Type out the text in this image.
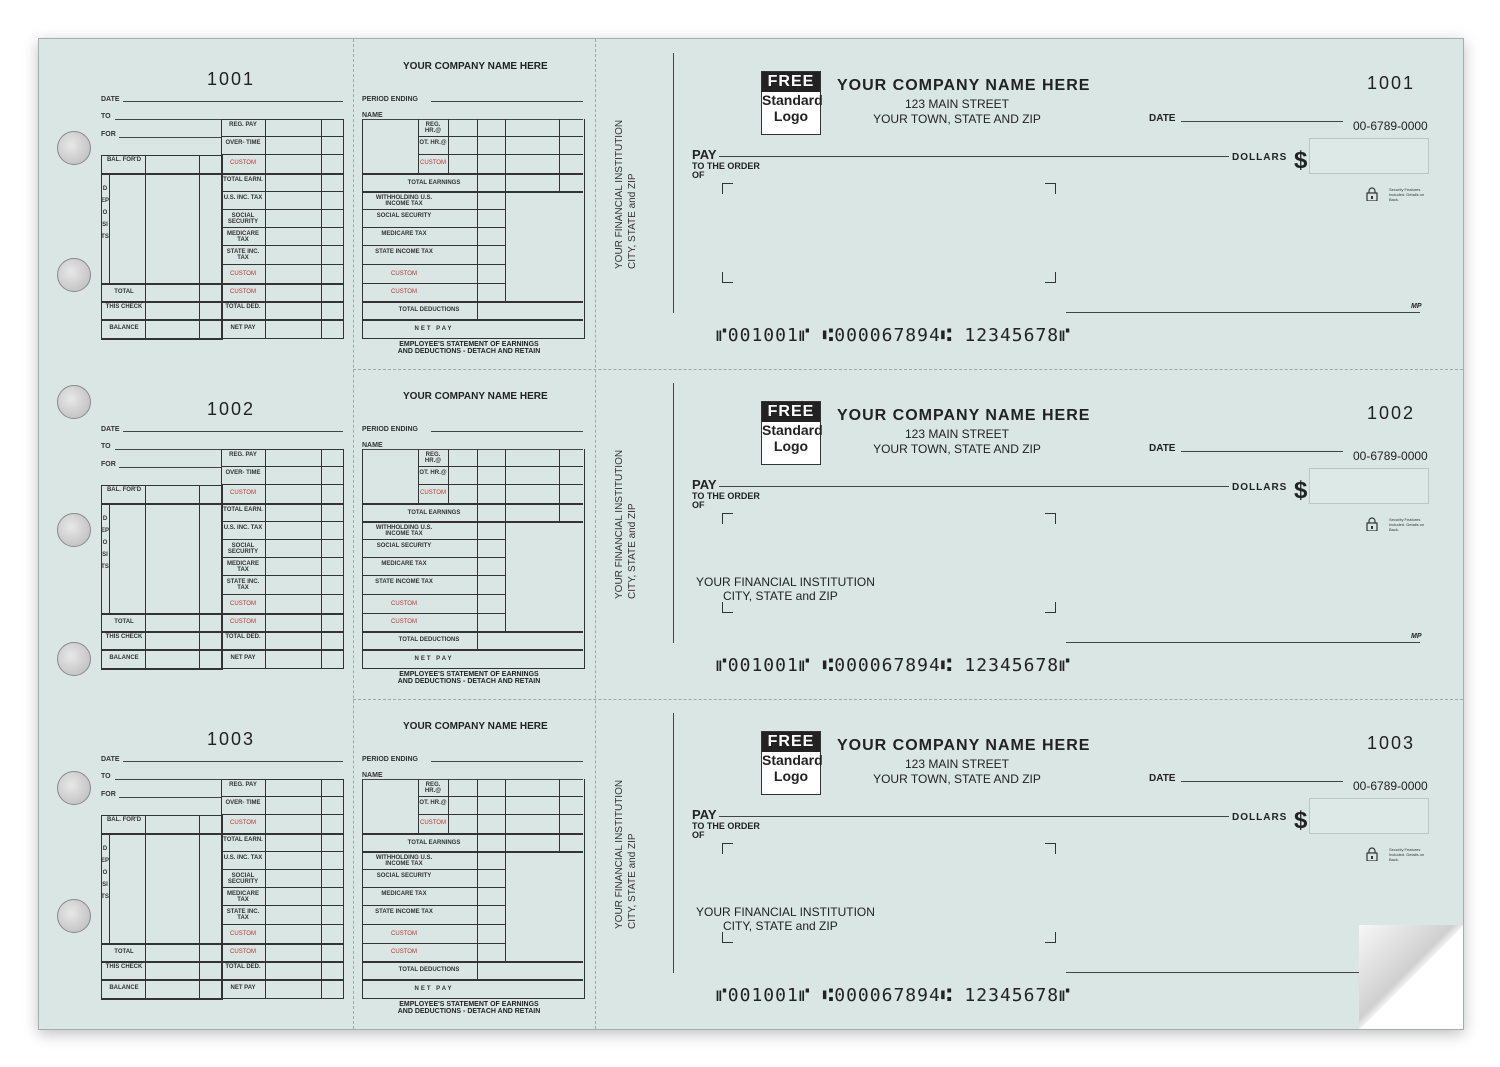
1001
DATE
TO
FOR
BAL. FOR'D
DEPOSITS
TOTAL
THIS CHECK
BALANCE
REG. PAY
OVER- TIME
CUSTOM
TOTAL EARN.
U.S. INC. TAX
SOCIAL SECURITY
MEDICARE TAX
STATE INC. TAX
CUSTOM
CUSTOM
TOTAL DED.
NET PAY
YOUR COMPANY NAME HERE
PERIOD ENDING
NAME
REG. HR.@
OT. HR.@
CUSTOM
TOTAL EARNINGS
WITHHOLDING U.S. INCOME TAX
SOCIAL SECURITY
MEDICARE TAX
STATE INCOME TAX
CUSTOM
CUSTOM
TOTAL DEDUCTIONS
NET PAY
EMPLOYEE'S STATEMENT OF EARNINGS
AND DEDUCTIONS - DETACH AND RETAIN
YOUR FINANCIAL INSTITUTION CITY, STATE and ZIP
FREE
Standard
Logo
YOUR COMPANY NAME HERE
123 MAIN STREET
YOUR TOWN, STATE AND ZIP
1001
DATE
00-6789-0000
PAY
TO THE ORDER
OF
DOLLARS $
Security Features Included. Details on Back.
MP
⑈001001⑈ ⑆000067894⑆ 12345678⑈
1002
DATE
TO
FOR
BAL. FOR'D
DEPOSITS
TOTAL
THIS CHECK
BALANCE
REG. PAY
OVER- TIME
CUSTOM
TOTAL EARN.
U.S. INC. TAX
SOCIAL SECURITY
MEDICARE TAX
STATE INC. TAX
CUSTOM
CUSTOM
TOTAL DED.
NET PAY
YOUR COMPANY NAME HERE
PERIOD ENDING
NAME
REG. HR.@
OT. HR.@
CUSTOM
TOTAL EARNINGS
WITHHOLDING U.S. INCOME TAX
SOCIAL SECURITY
MEDICARE TAX
STATE INCOME TAX
CUSTOM
CUSTOM
TOTAL DEDUCTIONS
NET PAY
EMPLOYEE'S STATEMENT OF EARNINGS
AND DEDUCTIONS - DETACH AND RETAIN
YOUR FINANCIAL INSTITUTION CITY, STATE and ZIP
FREE
Standard
Logo
YOUR COMPANY NAME HERE
123 MAIN STREET
YOUR TOWN, STATE AND ZIP
1002
DATE
00-6789-0000
PAY
TO THE ORDER
OF
DOLLARS $
Security Features Included. Details on Back.
YOUR FINANCIAL INSTITUTION
CITY, STATE and ZIP
MP
⑈001001⑈ ⑆000067894⑆ 12345678⑈
1003
DATE
TO
FOR
BAL. FOR'D
DEPOSITS
TOTAL
THIS CHECK
BALANCE
REG. PAY
OVER- TIME
CUSTOM
TOTAL EARN.
U.S. INC. TAX
SOCIAL SECURITY
MEDICARE TAX
STATE INC. TAX
CUSTOM
CUSTOM
TOTAL DED.
NET PAY
YOUR COMPANY NAME HERE
PERIOD ENDING
NAME
REG. HR.@
OT. HR.@
CUSTOM
TOTAL EARNINGS
WITHHOLDING U.S. INCOME TAX
SOCIAL SECURITY
MEDICARE TAX
STATE INCOME TAX
CUSTOM
CUSTOM
TOTAL DEDUCTIONS
NET PAY
EMPLOYEE'S STATEMENT OF EARNINGS
AND DEDUCTIONS - DETACH AND RETAIN
YOUR FINANCIAL INSTITUTION CITY, STATE and ZIP
FREE
Standard
Logo
YOUR COMPANY NAME HERE
123 MAIN STREET
YOUR TOWN, STATE AND ZIP
1003
DATE
00-6789-0000
PAY
TO THE ORDER
OF
DOLLARS $
Security Features Included. Details on Back.
YOUR FINANCIAL INSTITUTION
CITY, STATE and ZIP
⑈001001⑈ ⑆000067894⑆ 12345678⑈
